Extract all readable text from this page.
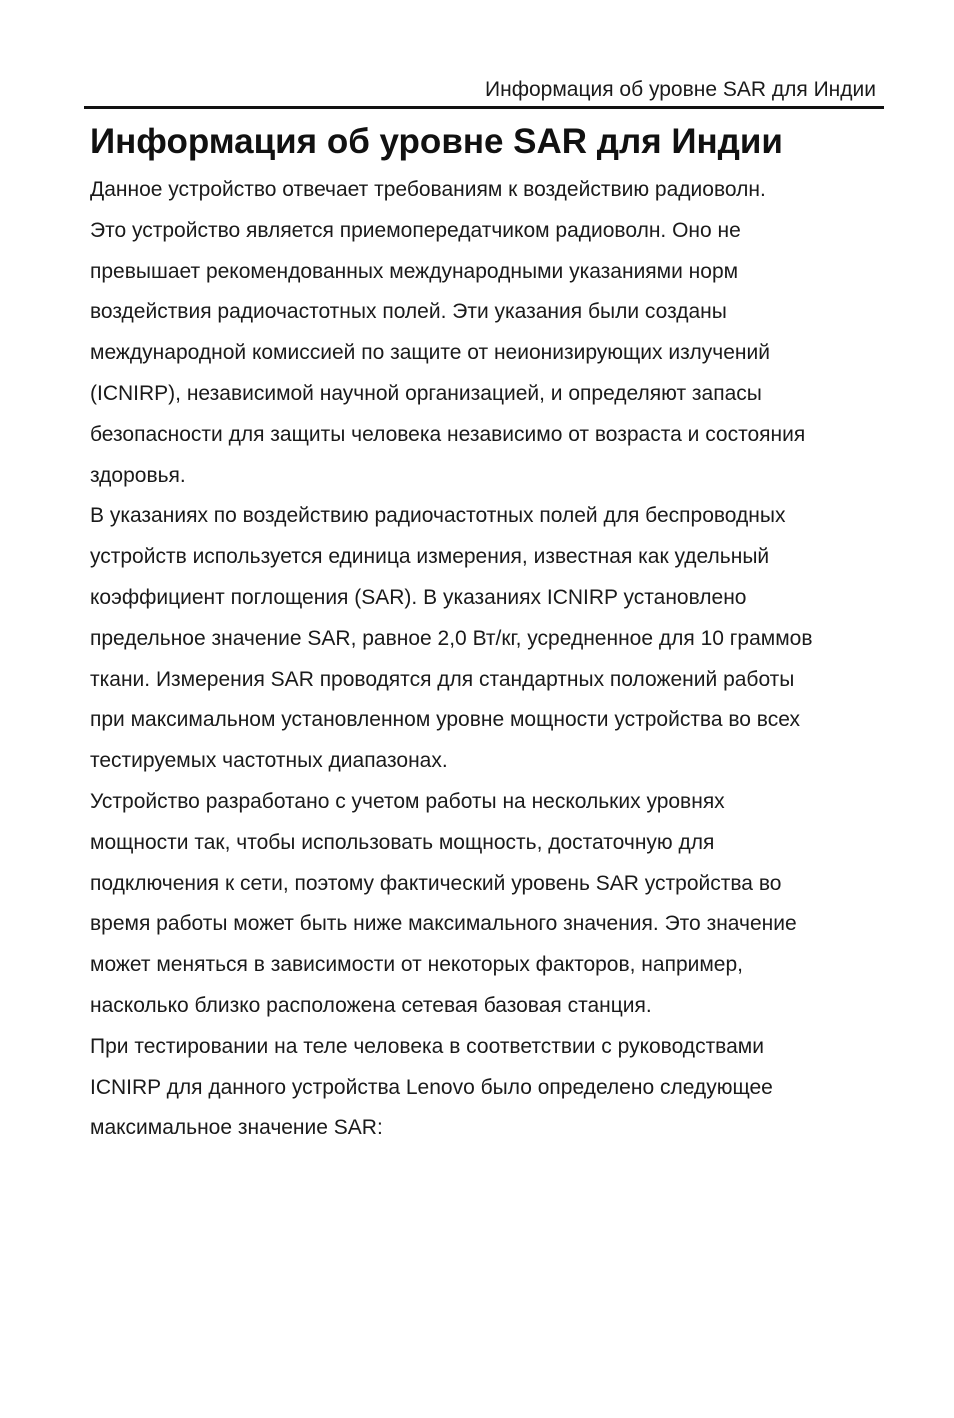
Информация об уровне SAR для Индии
Информация об уровне SAR для Индии
Данное устройство отвечает требованиям к воздействию радиоволн.
Это устройство является приемопередатчиком радиоволн. Оно не
превышает рекомендованных международными указаниями норм
воздействия радиочастотных полей. Эти указания были созданы
международной комиссией по защите от неионизирующих излучений
(ICNIRP), независимой научной организацией, и определяют запасы
безопасности для защиты человека независимо от возраста и состояния
здоровья.
В указаниях по воздействию радиочастотных полей для беспроводных
устройств используется единица измерения, известная как удельный
коэффициент поглощения (SAR). В указаниях ICNIRP установлено
предельное значение SAR, равное 2,0 Вт/кг, усредненное для 10 граммов
ткани. Измерения SAR проводятся для стандартных положений работы
при максимальном установленном уровне мощности устройства во всех
тестируемых частотных диапазонах.
Устройство разработано с учетом работы на нескольких уровнях
мощности так, чтобы использовать мощность, достаточную для
подключения к сети, поэтому фактический уровень SAR устройства во
время работы может быть ниже максимального значения. Это значение
может меняться в зависимости от некоторых факторов, например,
насколько близко расположена сетевая базовая станция.
При тестировании на теле человека в соответствии с руководствами
ICNIRP для данного устройства Lenovo было определено следующее
максимальное значение SAR:
